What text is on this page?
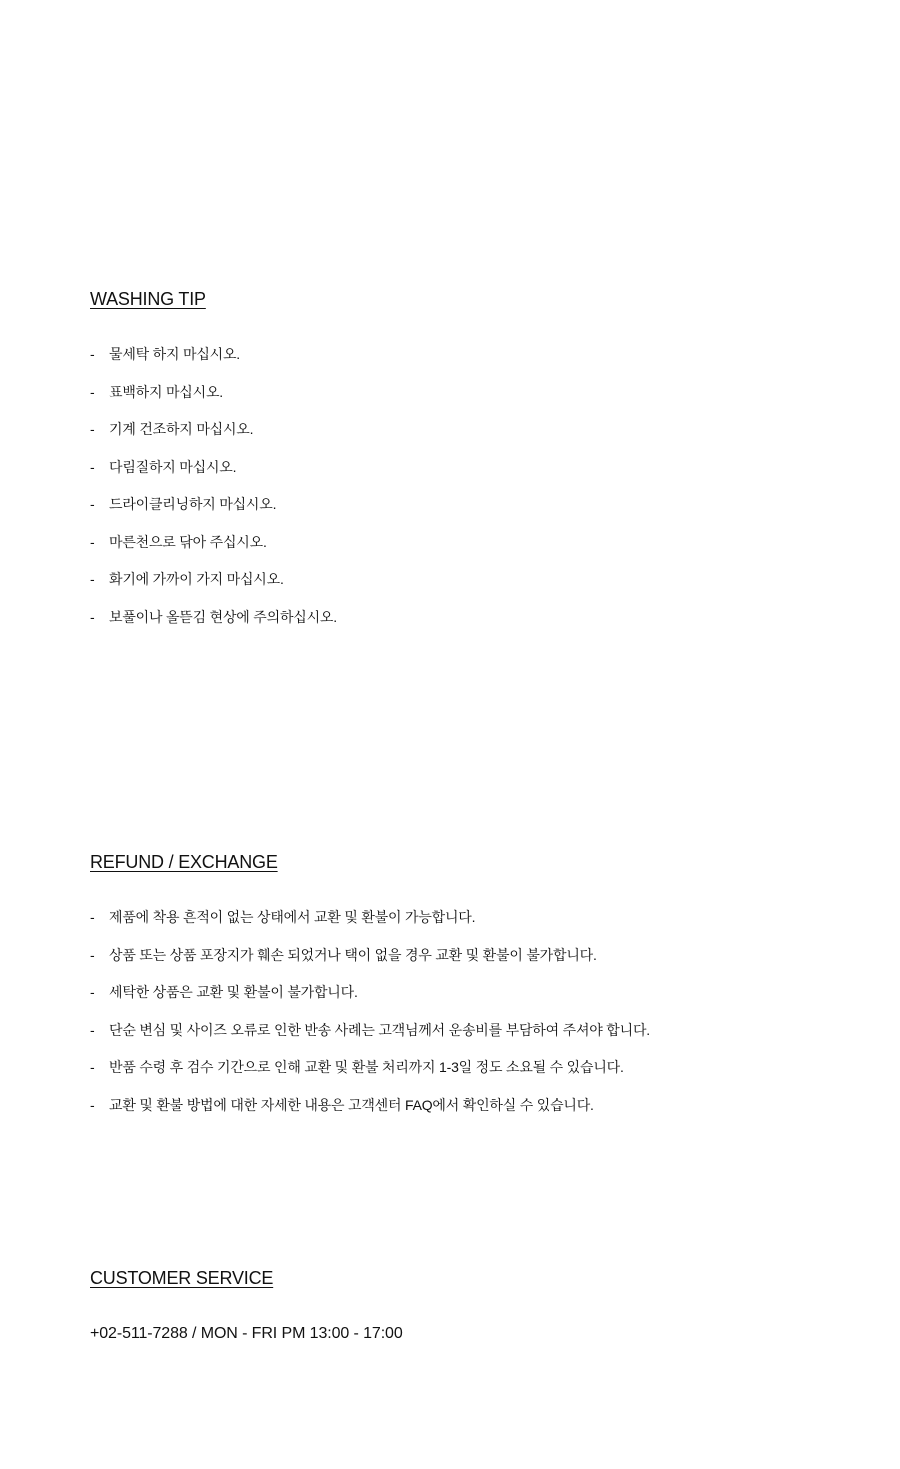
WASHING TIP
-	물세탁 하지 마십시오.
-	표백하지 마십시오.
-	기계 건조하지 마십시오.
-	다림질하지 마십시오.
-	드라이클리닝하지 마십시오.
-	마른천으로 닦아 주십시오.
-	화기에 가까이 가지 마십시오.
-	보풀이나 올뜯김 현상에 주의하십시오.
REFUND / EXCHANGE
-	제품에 착용 흔적이 없는 상태에서 교환 및 환불이 가능합니다.
-	상품 또는 상품 포장지가 훼손 되었거나 택이 없을 경우 교환 및 환불이 불가합니다.
-	세탁한 상품은 교환 및 환불이 불가합니다.
-	단순 변심 및 사이즈 오류로 인한 반송 사례는 고객님께서 운송비를 부담하여 주셔야 합니다.
-	반품 수령 후 검수 기간으로 인해 교환 및 환불 처리까지 1-3일 정도 소요될 수 있습니다.
-	교환 및 환불 방법에 대한 자세한 내용은 고객센터 FAQ에서 확인하실 수 있습니다.
CUSTOMER SERVICE
+02-511-7288 / MON - FRI PM 13:00 - 17:00
